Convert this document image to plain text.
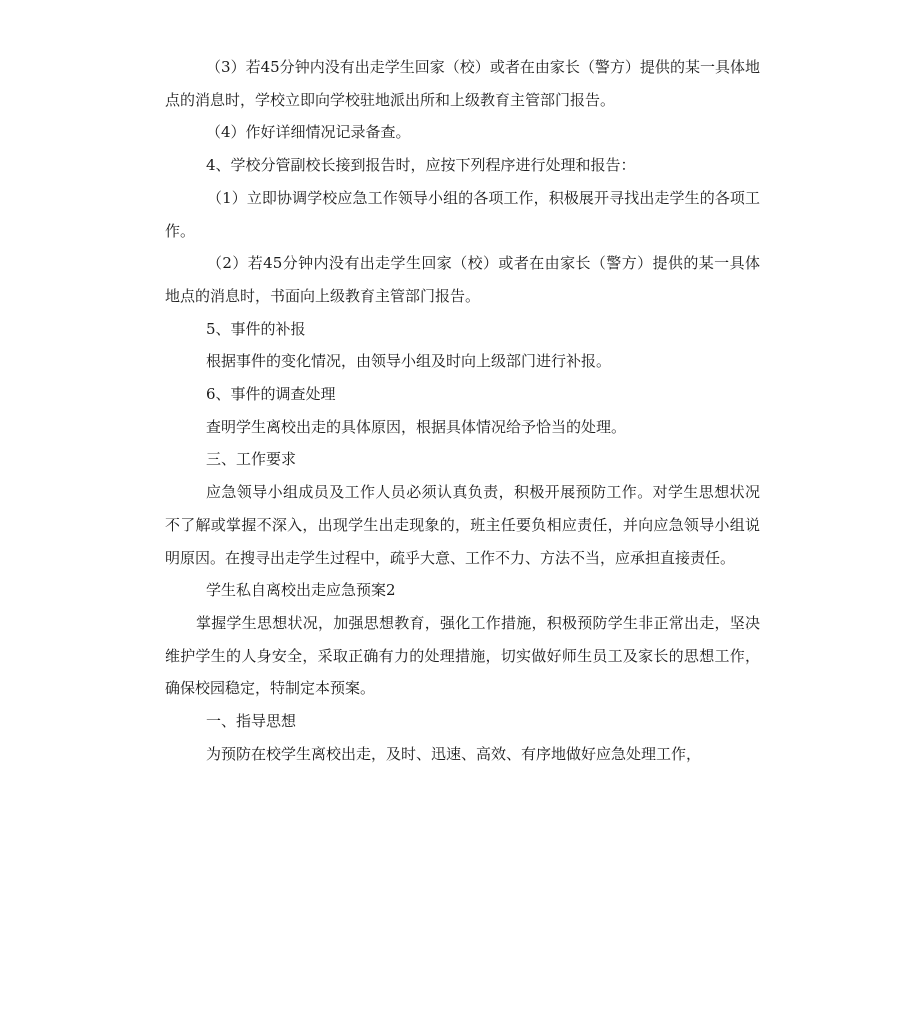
（3）若45分钟内没有出走学生回家（校）或者在由家长（警方）提供的某一具体地点的消息时，学校立即向学校驻地派出所和上级教育主管部门报告。

（4）作好详细情况记录备查。

4、学校分管副校长接到报告时，应按下列程序进行处理和报告：

（1）立即协调学校应急工作领导小组的各项工作，积极展开寻找出走学生的各项工作。

（2）若45分钟内没有出走学生回家（校）或者在由家长（警方）提供的某一具体地点的消息时，书面向上级教育主管部门报告。

5、事件的补报

根据事件的变化情况，由领导小组及时向上级部门进行补报。

6、事件的调查处理

查明学生离校出走的具体原因，根据具体情况给予恰当的处理。

三、工作要求

应急领导小组成员及工作人员必须认真负责，积极开展预防工作。对学生思想状况不了解或掌握不深入，出现学生出走现象的，班主任要负相应责任，并向应急领导小组说明原因。在搜寻出走学生过程中，疏乎大意、工作不力、方法不当，应承担直接责任。

学生私自离校出走应急预案2

掌握学生思想状况，加强思想教育，强化工作措施，积极预防学生非正常出走，坚决维护学生的人身安全，采取正确有力的处理措施，切实做好师生员工及家长的思想工作，确保校园稳定，特制定本预案。

一、指导思想

为预防在校学生离校出走，及时、迅速、高效、有序地做好应急处理工作，
